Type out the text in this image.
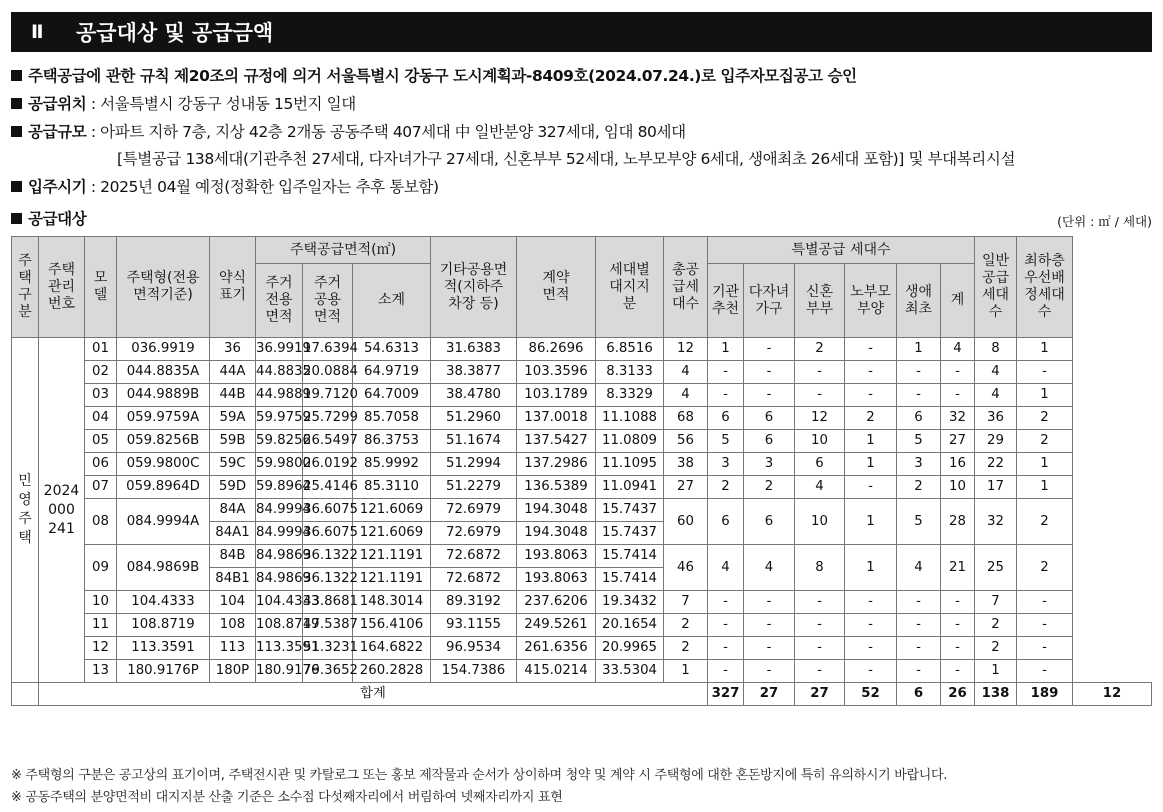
Ⅱ	공급대상 및 공급금액
주택공급에 관한 규칙 제20조의 규정에 의거 서울특별시 강동구 도시계획과-8409호(2024.07.24.)로 입주자모집공고 승인
공급위치 : 서울특별시 강동구 성내동 15번지 일대
공급규모 : 아파트 지하 7층, 지상 42층 2개동 공동주택 407세대 中 일반분양 327세대, 임대 80세대
[특별공급 138세대(기관추천 27세대, 다자녀가구 27세대, 신혼부부 52세대, 노부모부양 6세대, 생애최초 26세대 포함)] 및 부대복리시설
입주시기 : 2025년 04월 예정(정확한 입주일자는 추후 통보함)
공급대상	(단위 : ㎡ / 세대)
주택구분	주택관리번호	모델	주택형(전용면적기준)	약식표기	주택공급면적(㎡)			기타공용면적(지하주차장 등)	계약면적	세대별대지지분	총공급세대수	특별공급 세대수						일반공급세대수	최하층우선배정세대수	

					주거전용면적	주거공용면적	소계					기관추천	다자녀가구	신혼부부	노부모부양	생애최초	계			

민영주택	2024 000 241	01	036.9919	36	36.9919	17.6394	54.6313	31.6383	86.2696	6.8516	12	1	-	2	-	1	4	8	1	
		02	044.8835A	44A	44.8835	20.0884	64.9719	38.3877	103.3596	8.3133	4	-	-	-	-	-	-	4	-	
		03	044.9889B	44B	44.9889	19.7120	64.7009	38.4780	103.1789	8.3329	4	-	-	-	-	-	-	4	1	
		04	059.9759A	59A	59.9759	25.7299	85.7058	51.2960	137.0018	11.1088	68	6	6	12	2	6	32	36	2	
		05	059.8256B	59B	59.8256	26.5497	86.3753	51.1674	137.5427	11.0809	56	5	6	10	1	5	27	29	2	
		06	059.9800C	59C	59.9800	26.0192	85.9992	51.2994	137.2986	11.1095	38	3	3	6	1	3	16	22	1	
		07	059.8964D	59D	59.8964	25.4146	85.3110	51.2279	136.5389	11.0941	27	2	2	4	-	2	10	17	1	
		08	084.9994A	84A	84.9994	36.6075	121.6069	72.6979	194.3048	15.7437	60	6	6	10	1	5	28	32	2	
				84A1	84.9994	36.6075	121.6069	72.6979	194.3048	15.7437										
		09	084.9869B	84B	84.9869	36.1322	121.1191	72.6872	193.8063	15.7414	46	4	4	8	1	4	21	25	2	
				84B1	84.9869	36.1322	121.1191	72.6872	193.8063	15.7414										
		10	104.4333	104	104.4333	43.8681	148.3014	89.3192	237.6206	19.3432	7	-	-	-	-	-	-	7	-	
		11	108.8719	108	108.8719	47.5387	156.4106	93.1155	249.5261	20.1654	2	-	-	-	-	-	-	2	-	
		12	113.3591	113	113.3591	51.3231	164.6822	96.9534	261.6356	20.9965	2	-	-	-	-	-	-	2	-	
		13	180.9176P	180P	180.9176	79.3652	260.2828	154.7386	415.0214	33.5304	1	-	-	-	-	-	-	1	-	
	합계											327	27	27	52	6	26	138	189	12
※ 주택형의 구분은 공고상의 표기이며, 주택전시관 및 카탈로그 또는 홍보 제작물과 순서가 상이하며 청약 및 계약 시 주택형에 대한 혼돈방지에 특히 유의하시기 바랍니다.
※ 공동주택의 분양면적비 대지지분 산출 기준은 소수점 다섯째자리에서 버림하여 넷째자리까지 표현
